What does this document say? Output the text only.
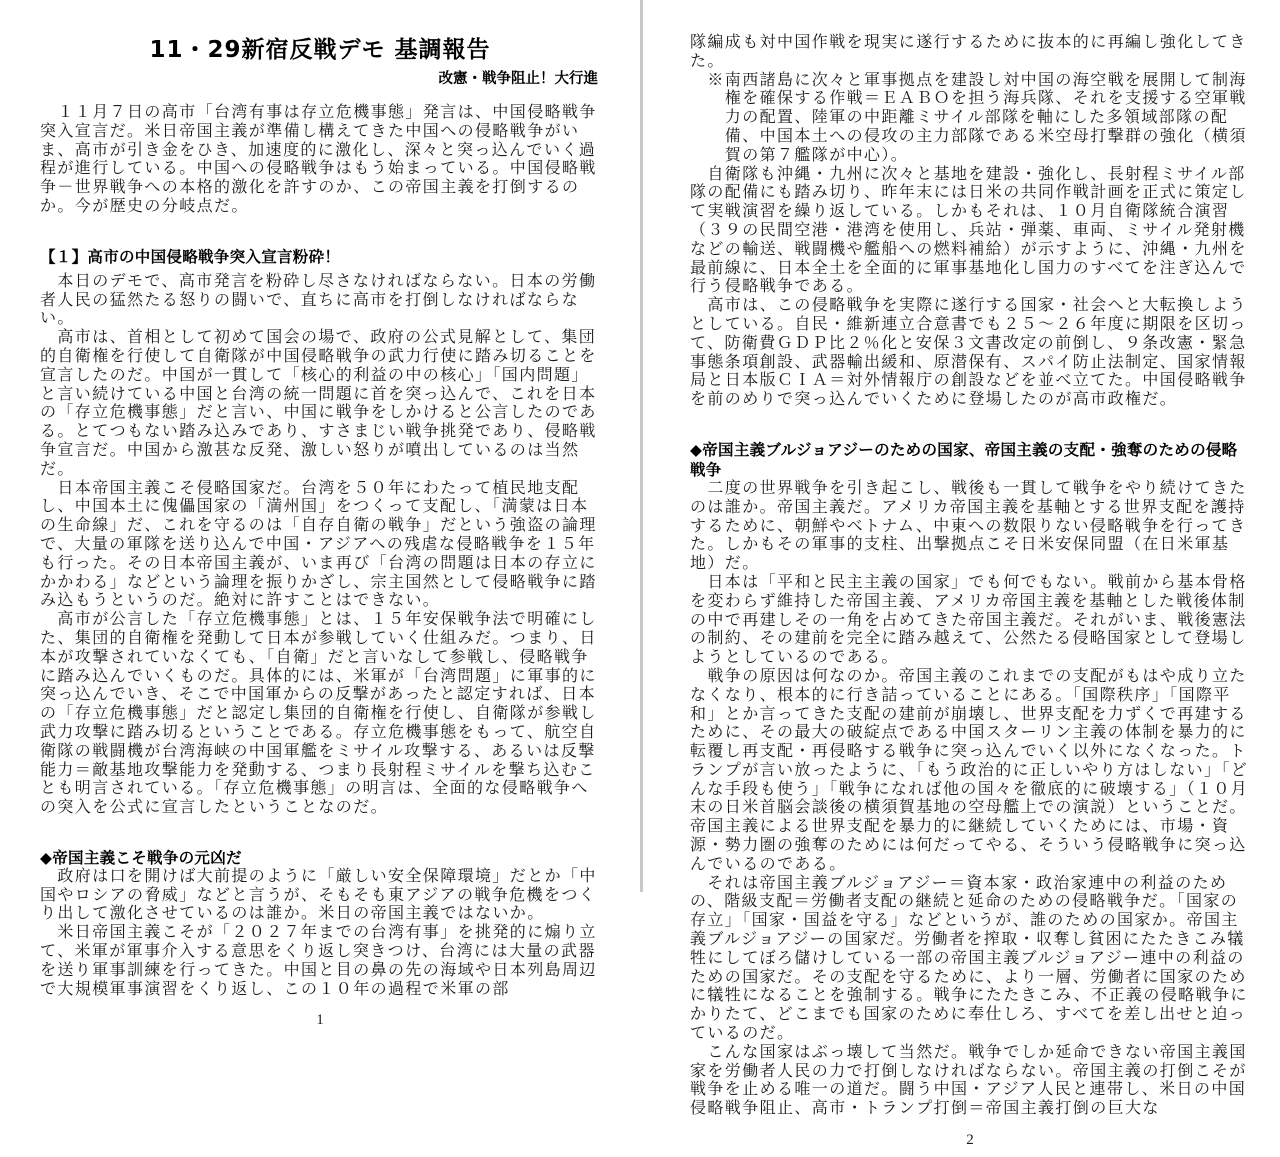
11・29新宿反戦デモ 基調報告
改憲・戦争阻止！大行進

１１月７日の高市「台湾有事は存立危機事態」発言は、中国侵略戦争突入宣言だ。米日帝国主義が準備し構えてきた中国への侵略戦争がいま、高市が引き金をひき、加速度的に激化し、深々と突っ込んでいく過程が進行している。中国への侵略戦争はもう始まっている。中国侵略戦争－世界戦争への本格的激化を許すのか、この帝国主義を打倒するのか。今が歴史の分岐点だ。

【１】高市の中国侵略戦争突入宣言粉砕！

本日のデモで、高市発言を粉砕し尽さなければならない。日本の労働者人民の猛然たる怒りの闘いで、直ちに高市を打倒しなければならない。

高市は、首相として初めて国会の場で、政府の公式見解として、集団的自衛権を行使して自衛隊が中国侵略戦争の武力行使に踏み切ることを宣言したのだ。中国が一貫して「核心的利益の中の核心」「国内問題」と言い続けている中国と台湾の統一問題に首を突っ込んで、これを日本の「存立危機事態」だと言い、中国に戦争をしかけると公言したのである。とてつもない踏み込みであり、すさまじい戦争挑発であり、侵略戦争宣言だ。中国から激甚な反発、激しい怒りが噴出しているのは当然だ。

日本帝国主義こそ侵略国家だ。台湾を５０年にわたって植民地支配し、中国本土に傀儡国家の「満州国」をつくって支配し、「満蒙は日本の生命線」だ、これを守るのは「自存自衛の戦争」だという強盗の論理で、大量の軍隊を送り込んで中国・アジアへの残虐な侵略戦争を１５年も行った。その日本帝国主義が、いま再び「台湾の問題は日本の存立にかかわる」などという論理を振りかざし、宗主国然として侵略戦争に踏み込もうというのだ。絶対に許すことはできない。

高市が公言した「存立危機事態」とは、１５年安保戦争法で明確にした、集団的自衛権を発動して日本が参戦していく仕組みだ。つまり、日本が攻撃されていなくても、「自衛」だと言いなして参戦し、侵略戦争に踏み込んでいくものだ。具体的には、米軍が「台湾問題」に軍事的に突っ込んでいき、そこで中国軍からの反撃があったと認定すれば、日本の「存立危機事態」だと認定し集団的自衛権を行使し、自衛隊が参戦し武力攻撃に踏み切るということである。存立危機事態をもって、航空自衛隊の戦闘機が台湾海峡の中国軍艦をミサイル攻撃する、あるいは反撃能力＝敵基地攻撃能力を発動する、つまり長射程ミサイルを撃ち込むことも明言されている。「存立危機事態」の明言は、全面的な侵略戦争への突入を公式に宣言したということなのだ。

◆帝国主義こそ戦争の元凶だ

政府は口を開けば大前提のように「厳しい安全保障環境」だとか「中国やロシアの脅威」などと言うが、そもそも東アジアの戦争危機をつくり出して激化させているのは誰か。米日の帝国主義ではないか。

米日帝国主義こそが「２０２７年までの台湾有事」を挑発的に煽り立て、米軍が軍事介入する意思をくり返し突きつけ、台湾には大量の武器を送り軍事訓練を行ってきた。中国と目の鼻の先の海域や日本列島周辺で大規模軍事演習をくり返し、この１０年の過程で米軍の部

1

隊編成も対中国作戦を現実に遂行するために抜本的に再編し強化してきた。

※南西諸島に次々と軍事拠点を建設し対中国の海空戦を展開して制海権を確保する作戦＝ＥＡＢＯを担う海兵隊、それを支援する空軍戦力の配置、陸軍の中距離ミサイル部隊を軸にした多領域部隊の配備、中国本土への侵攻の主力部隊である米空母打撃群の強化（横須賀の第７艦隊が中心）。

自衛隊も沖縄・九州に次々と基地を建設・強化し、長射程ミサイル部隊の配備にも踏み切り、昨年末には日米の共同作戦計画を正式に策定して実戦演習を繰り返している。しかもそれは、１０月自衛隊統合演習（３９の民間空港・港湾を使用し、兵站・弾薬、車両、ミサイル発射機などの輸送、戦闘機や艦船への燃料補給）が示すように、沖縄・九州を最前線に、日本全土を全面的に軍事基地化し国力のすべてを注ぎ込んで行う侵略戦争である。

高市は、この侵略戦争を実際に遂行する国家・社会へと大転換しようとしている。自民・維新連立合意書でも２５～２６年度に期限を区切って、防衛費ＧＤＰ比２％化と安保３文書改定の前倒し、９条改憲・緊急事態条項創設、武器輸出緩和、原潜保有、スパイ防止法制定、国家情報局と日本版ＣＩＡ＝対外情報庁の創設などを並べ立てた。中国侵略戦争を前のめりで突っ込んでいくために登場したのが高市政権だ。

◆帝国主義ブルジョアジーのための国家、帝国主義の支配・強奪のための侵略戦争

二度の世界戦争を引き起こし、戦後も一貫して戦争をやり続けてきたのは誰か。帝国主義だ。アメリカ帝国主義を基軸とする世界支配を護持するために、朝鮮やベトナム、中東への数限りない侵略戦争を行ってきた。しかもその軍事的支柱、出撃拠点こそ日米安保同盟（在日米軍基地）だ。

日本は「平和と民主主義の国家」でも何でもない。戦前から基本骨格を変わらず維持した帝国主義、アメリカ帝国主義を基軸とした戦後体制の中で再建しその一角を占めてきた帝国主義だ。それがいま、戦後憲法の制約、その建前を完全に踏み越えて、公然たる侵略国家として登場しようとしているのである。

戦争の原因は何なのか。帝国主義のこれまでの支配がもはや成り立たなくなり、根本的に行き詰っていることにある。「国際秩序」「国際平和」とか言ってきた支配の建前が崩壊し、世界支配を力ずくで再建するために、その最大の破綻点である中国スターリン主義の体制を暴力的に転覆し再支配・再侵略する戦争に突っ込んでいく以外になくなった。トランプが言い放ったように、「もう政治的に正しいやり方はしない」「どんな手段も使う」「戦争になれば他の国々を徹底的に破壊する」（１０月末の日米首脳会談後の横須賀基地の空母艦上での演説）ということだ。帝国主義による世界支配を暴力的に継続していくためには、市場・資源・勢力圏の強奪のためには何だってやる、そういう侵略戦争に突っ込んでいるのである。

それは帝国主義ブルジョアジー＝資本家・政治家連中の利益のための、階級支配＝労働者支配の継続と延命のための侵略戦争だ。「国家の存立」「国家・国益を守る」などというが、誰のための国家か。帝国主義ブルジョアジーの国家だ。労働者を搾取・収奪し貧困にたたきこみ犠牲にしてぼろ儲けしている一部の帝国主義ブルジョアジー連中の利益のための国家だ。その支配を守るために、より一層、労働者に国家のために犠牲になることを強制する。戦争にたたきこみ、不正義の侵略戦争にかりたて、どこまでも国家のために奉仕しろ、すべてを差し出せと迫っているのだ。

こんな国家はぶっ壊して当然だ。戦争でしか延命できない帝国主義国家を労働者人民の力で打倒しなければならない。帝国主義の打倒こそが戦争を止める唯一の道だ。闘う中国・アジア人民と連帯し、米日の中国侵略戦争阻止、高市・トランプ打倒＝帝国主義打倒の巨大な

2
